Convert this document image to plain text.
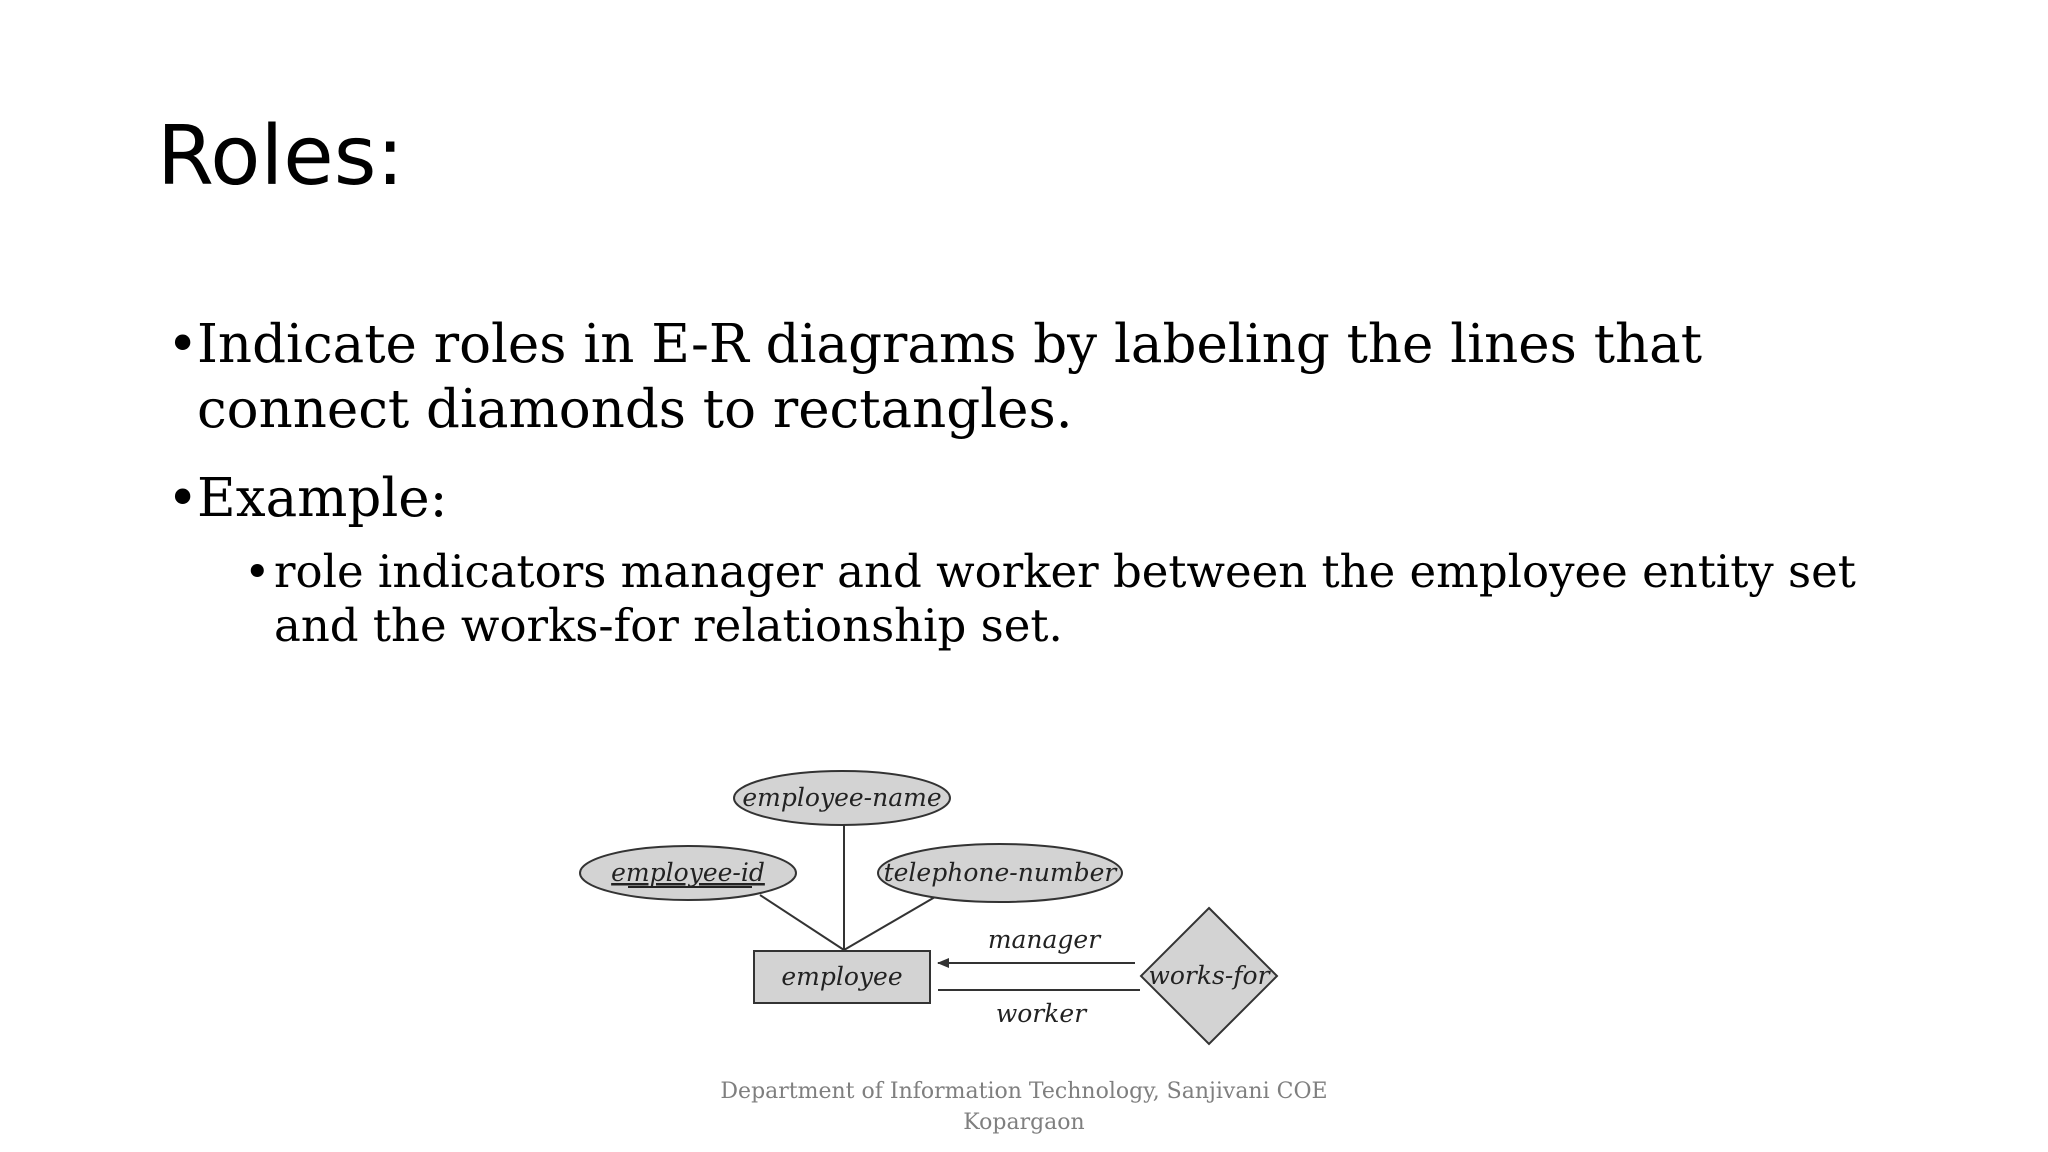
Roles:
•
Indicate roles in E-R diagrams by labeling the lines that connect diamonds to rectangles.
•
Example:
• role indicators manager and worker between the employee entity set and the works-for relationship set.
employee-name
employee-id	telephone-number
employee	works-for
manager
worker
Department of Information Technology, Sanjivani COE
Kopargaon
